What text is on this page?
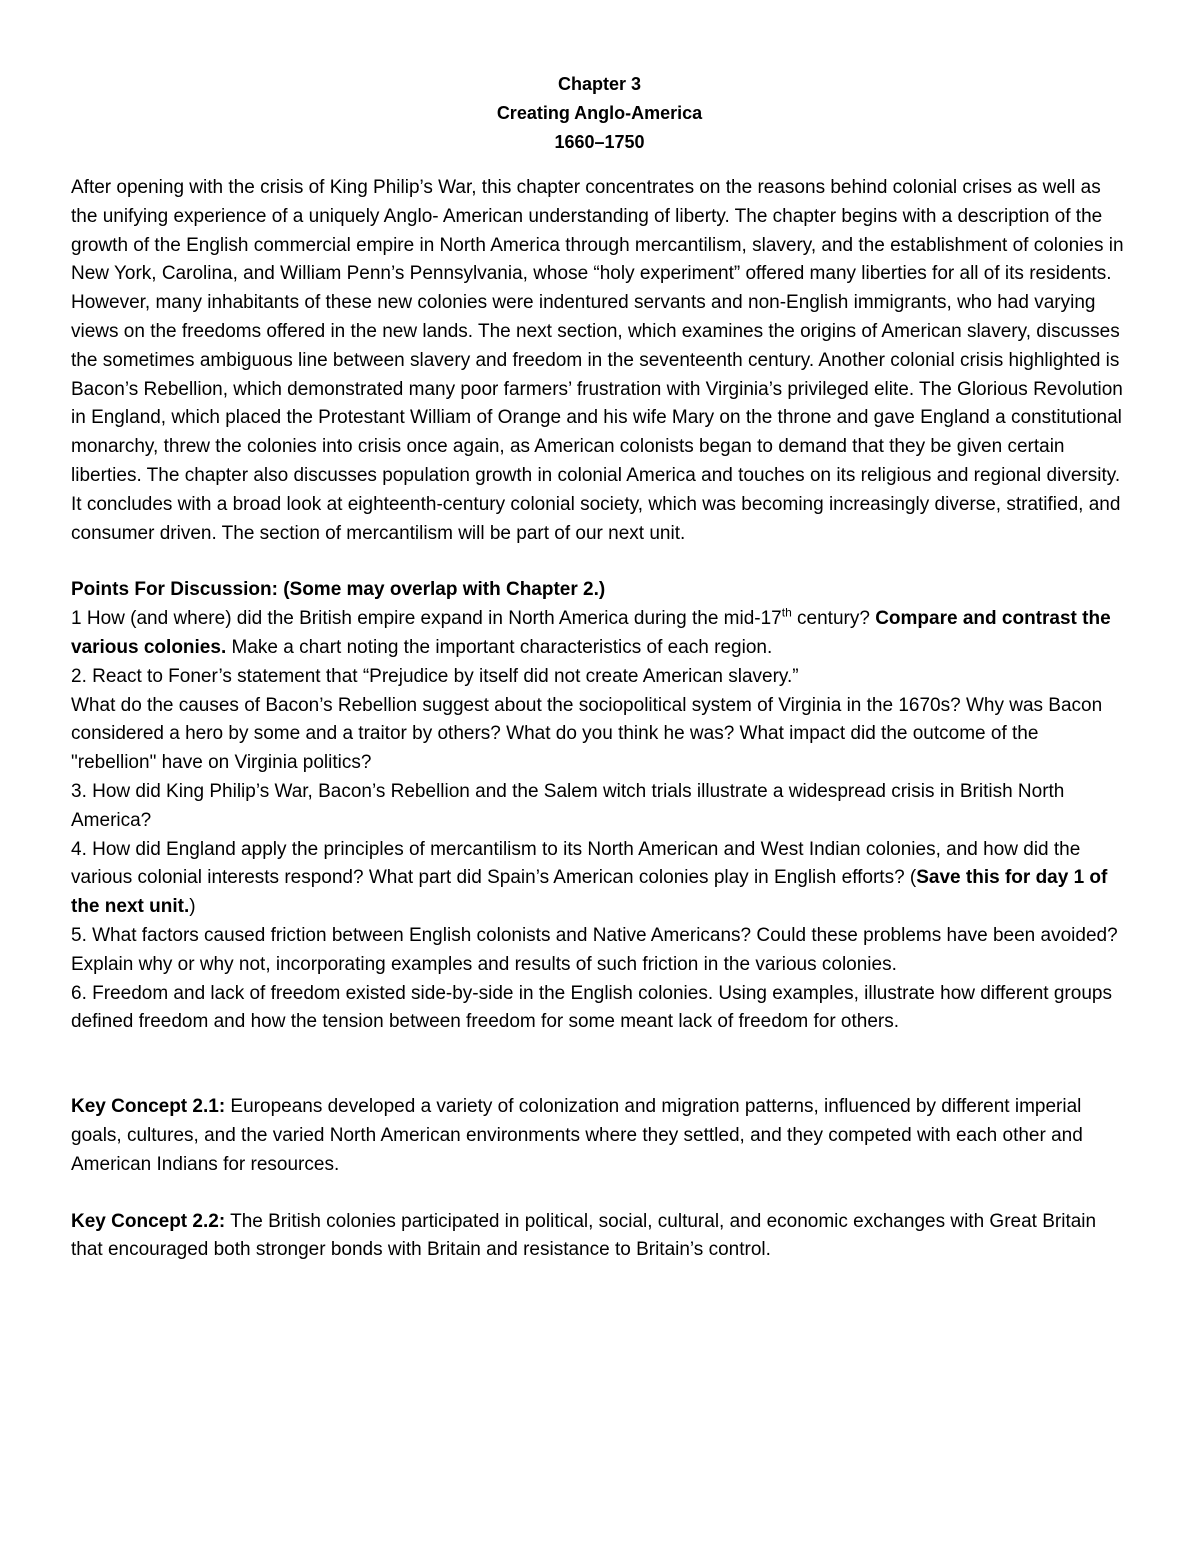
Chapter 3
Creating Anglo-America
1660–1750

After opening with the crisis of King Philip’s War, this chapter concentrates on the reasons behind colonial crises as well as the unifying experience of a uniquely Anglo- American understanding of liberty. The chapter begins with a description of the growth of the English commercial empire in North America through mercantilism, slavery, and the establishment of colonies in New York, Carolina, and William Penn’s Pennsylvania, whose “holy experiment” offered many liberties for all of its residents. However, many inhabitants of these new colonies were indentured servants and non-English immigrants, who had varying views on the freedoms offered in the new lands. The next section, which examines the origins of American slavery, discusses the sometimes ambiguous line between slavery and freedom in the seventeenth century. Another colonial crisis highlighted is Bacon’s Rebellion, which demonstrated many poor farmers’ frustration with Virginia’s privileged elite. The Glorious Revolution in England, which placed the Protestant William of Orange and his wife Mary on the throne and gave England a constitutional monarchy, threw the colonies into crisis once again, as American colonists began to demand that they be given certain liberties. The chapter also discusses population growth in colonial America and touches on its religious and regional diversity. It concludes with a broad look at eighteenth-century colonial society, which was becoming increasingly diverse, stratified, and consumer driven. The section of mercantilism will be part of our next unit.

Points For Discussion: (Some may overlap with Chapter 2.)

1 How (and where) did the British empire expand in North America during the mid-17th century? Compare and contrast the various colonies. Make a chart noting the important characteristics of each region.

2. React to Foner’s statement that “Prejudice by itself did not create American slavery.”

What do the causes of Bacon’s Rebellion suggest about the sociopolitical system of Virginia in the 1670s? Why was Bacon considered a hero by some and a traitor by others? What do you think he was? What impact did the outcome of the "rebellion" have on Virginia politics?

3. How did King Philip’s War, Bacon’s Rebellion and the Salem witch trials illustrate a widespread crisis in British North America?

4. How did England apply the principles of mercantilism to its North American and West Indian colonies, and how did the various colonial interests respond? What part did Spain’s American colonies play in English efforts? (Save this for day 1 of the next unit.)

5. What factors caused friction between English colonists and Native Americans? Could these problems have been avoided? Explain why or why not, incorporating examples and results of such friction in the various colonies.

6. Freedom and lack of freedom existed side-by-side in the English colonies. Using examples, illustrate how different groups defined freedom and how the tension between freedom for some meant lack of freedom for others.

Key Concept 2.1: Europeans developed a variety of colonization and migration patterns, influenced by different imperial goals, cultures, and the varied North American environments where they settled, and they competed with each other and American Indians for resources.

Key Concept 2.2: The British colonies participated in political, social, cultural, and economic exchanges with Great Britain that encouraged both stronger bonds with Britain and resistance to Britain’s control.
